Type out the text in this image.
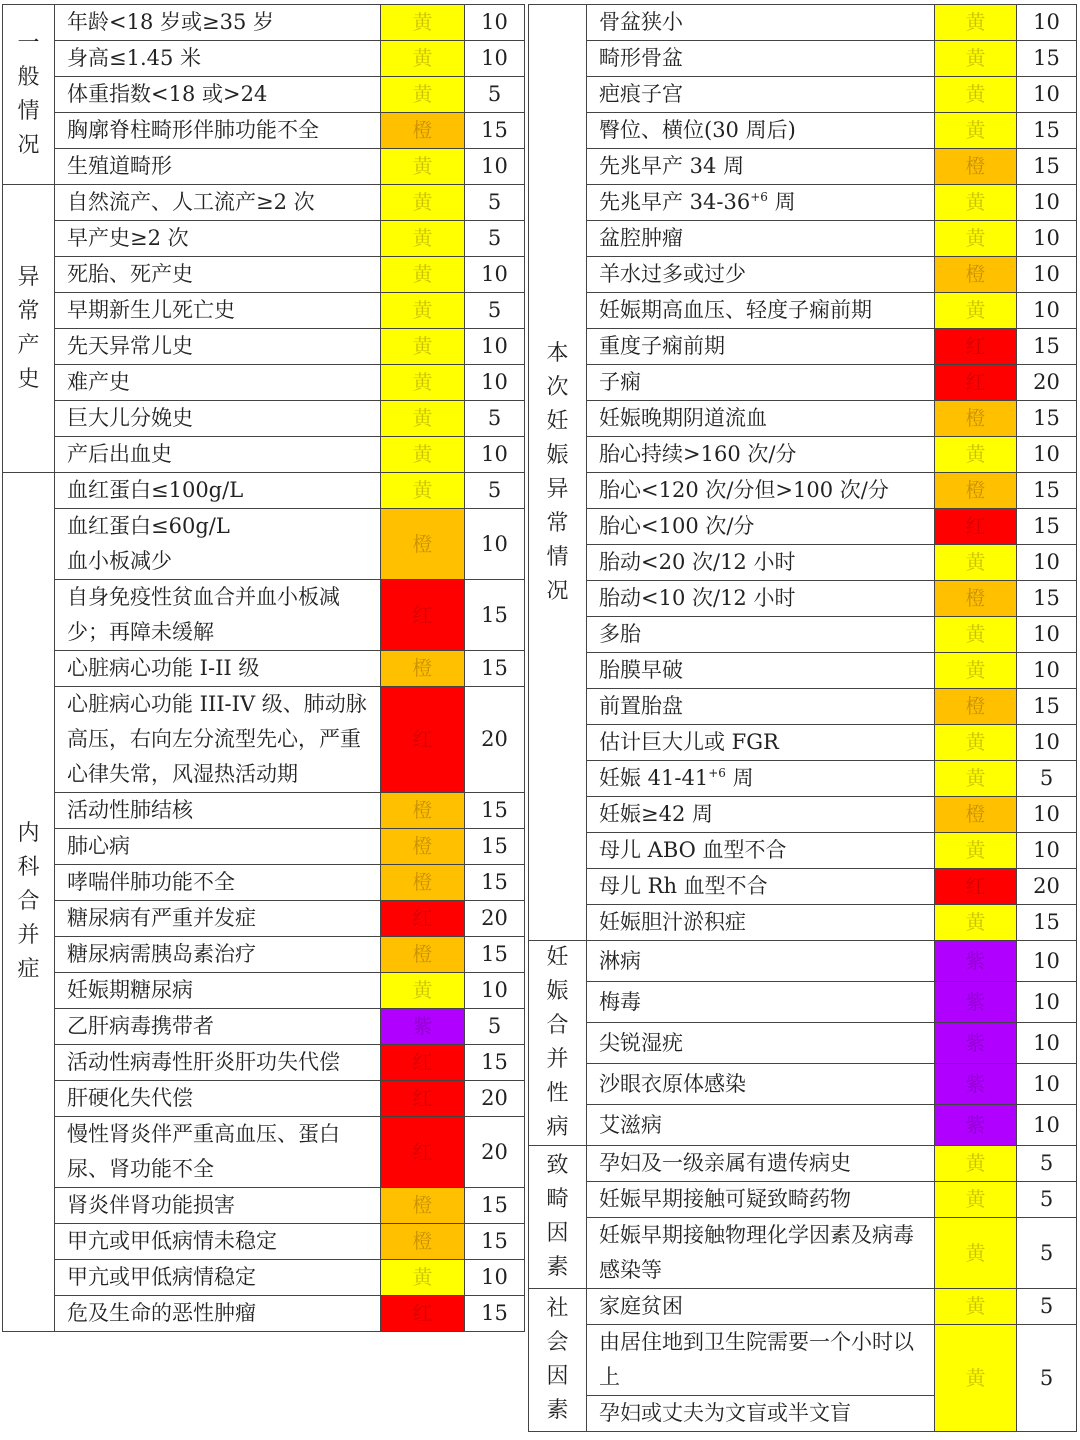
一般情况	年龄<18 岁或≥35 岁	黄	10
	身高≤1.45 米	黄	10
	体重指数<18 或>24	黄	5
	胸廓脊柱畸形伴肺功能不全	橙	15
	生殖道畸形	黄	10
异常产史	自然流产、人工流产≥2 次	黄	5
	早产史≥2 次	黄	5
	死胎、死产史	黄	10
	早期新生儿死亡史	黄	5
	先天异常儿史	黄	10
	难产史	黄	10
	巨大儿分娩史	黄	5
	产后出血史	黄	10
内科合并症	血红蛋白≤100g/L	黄	5
	血红蛋白≤60g/L
血小板减少	橙	10
	自身免疫性贫血合并血小板减少；再障未缓解	红	15
	心脏病心功能 I-II 级	橙	15
	心脏病心功能 III-IV 级、肺动脉高压，右向左分流型先心，严重心律失常，风湿热活动期	红	20
	活动性肺结核	橙	15
	肺心病	橙	15
	哮喘伴肺功能不全	橙	15
	糖尿病有严重并发症	红	20
	糖尿病需胰岛素治疗	橙	15
	妊娠期糖尿病	黄	10
	乙肝病毒携带者	紫	5
	活动性病毒性肝炎肝功失代偿	红	15
	肝硬化失代偿	红	20
	慢性肾炎伴严重高血压、蛋白尿、肾功能不全	红	20
	肾炎伴肾功能损害	橙	15
	甲亢或甲低病情未稳定	橙	15
	甲亢或甲低病情稳定	黄	10
	危及生命的恶性肿瘤	红	15
本次妊娠异常情况	骨盆狭小	黄	10
	畸形骨盆	黄	15
	疤痕子宫	黄	10
	臀位、横位(30 周后)	黄	15
	先兆早产 34 周	橙	15
	先兆早产 $34-36^{+6}$ 周	黄	10
	盆腔肿瘤	黄	10
	羊水过多或过少	橙	10
	妊娠期高血压、轻度子痫前期	黄	10
	重度子痫前期	红	15
	子痫	红	20
	妊娠晚期阴道流血	橙	15
	胎心持续>160 次/分	黄	10
	胎心<120 次/分但>100 次/分	橙	15
	胎心<100 次/分	红	15
	胎动<20 次/12 小时	黄	10
	胎动<10 次/12 小时	橙	15
	多胎	黄	10
	胎膜早破	黄	10
	前置胎盘	橙	15
	估计巨大儿或 FGR	黄	10
	妊娠 $41-41^{+6}$ 周	黄	5
	妊娠≥42 周	橙	10
	母儿 ABO 血型不合	黄	10
	母儿 Rh 血型不合	红	20
	妊娠胆汁淤积症	黄	15
妊娠合并性病	淋病	紫	10
	梅毒	紫	10
	尖锐湿疣	紫	10
	沙眼衣原体感染	紫	10
	艾滋病	紫	10
致畸因素	孕妇及一级亲属有遗传病史	黄	5
	妊娠早期接触可疑致畸药物	黄	5
	妊娠早期接触物理化学因素及病毒感染等	黄	5
社会因素	家庭贫困	黄	5
	由居住地到卫生院需要一个小时以上	黄	5
	孕妇或丈夫为文盲或半文盲		
